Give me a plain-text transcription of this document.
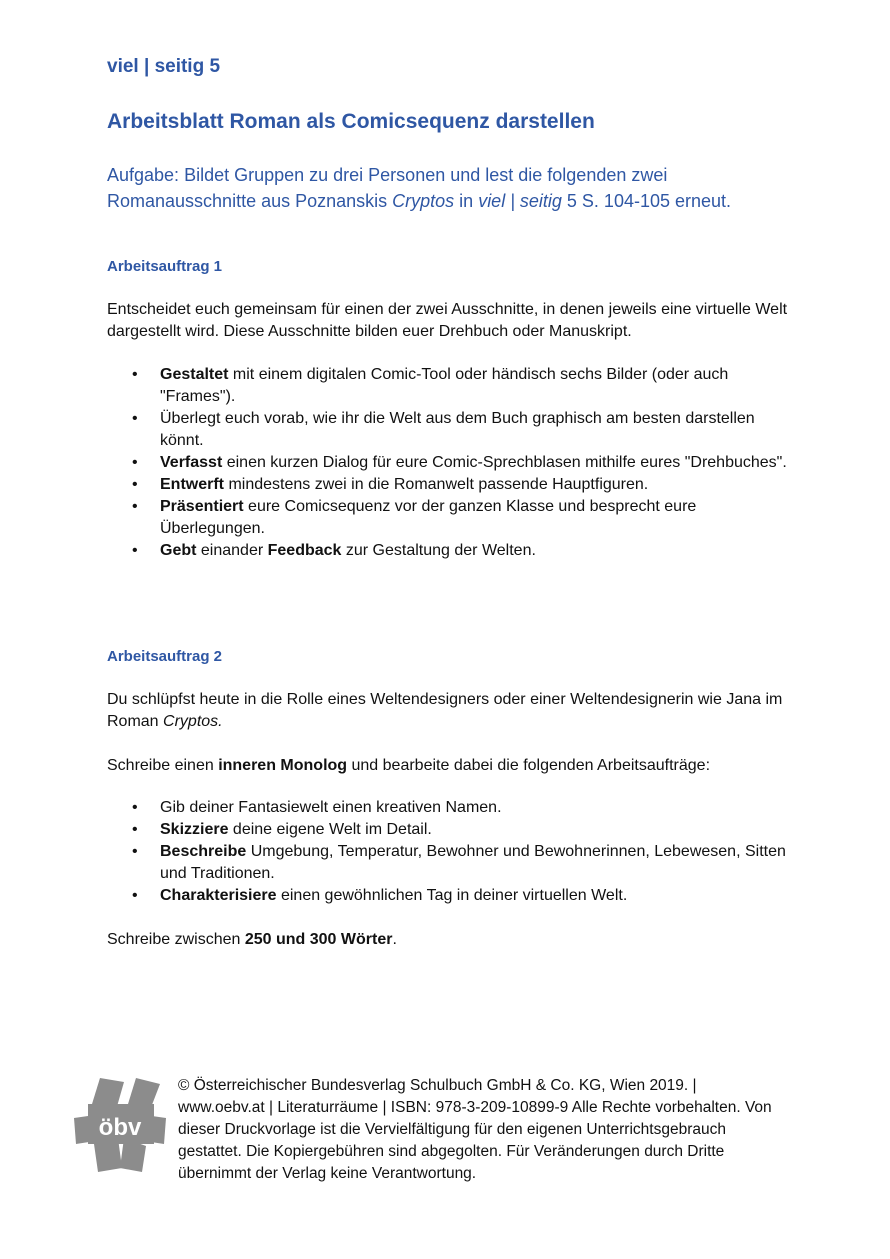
viel | seitig 5
Arbeitsblatt Roman als Comicsequenz darstellen
Aufgabe: Bildet Gruppen zu drei Personen und lest die folgenden zwei Romanausschnitte aus Poznanskis Cryptos in viel | seitig 5 S. 104-105 erneut.
Arbeitsauftrag 1
Entscheidet euch gemeinsam für einen der zwei Ausschnitte, in denen jeweils eine virtuelle Welt dargestellt wird. Diese Ausschnitte bilden euer Drehbuch oder Manuskript.
• Gestaltet mit einem digitalen Comic-Tool oder händisch sechs Bilder (oder auch "Frames").
• Überlegt euch vorab, wie ihr die Welt aus dem Buch graphisch am besten darstellen könnt.
• Verfasst einen kurzen Dialog für eure Comic-Sprechblasen mithilfe eures "Drehbuches".
• Entwerft mindestens zwei in die Romanwelt passende Hauptfiguren.
• Präsentiert eure Comicsequenz vor der ganzen Klasse und besprecht eure Überlegungen.
• Gebt einander Feedback zur Gestaltung der Welten.
Arbeitsauftrag 2
Du schlüpfst heute in die Rolle eines Weltendesigners oder einer Weltendesignerin wie Jana im Roman Cryptos.
Schreibe einen inneren Monolog und bearbeite dabei die folgenden Arbeitsaufträge:
• Gib deiner Fantasiewelt einen kreativen Namen.
• Skizziere deine eigene Welt im Detail.
• Beschreibe Umgebung, Temperatur, Bewohner und Bewohnerinnen, Lebewesen, Sitten und Traditionen.
• Charakterisiere einen gewöhnlichen Tag in deiner virtuellen Welt.
Schreibe zwischen 250 und 300 Wörter.
öbv
© Österreichischer Bundesverlag Schulbuch GmbH & Co. KG, Wien 2019. | www.oebv.at | Literaturräume | ISBN: 978-3-209-10899-9 Alle Rechte vorbehalten. Von dieser Druckvorlage ist die Vervielfältigung für den eigenen Unterrichtsgebrauch gestattet. Die Kopiergebühren sind abgegolten. Für Veränderungen durch Dritte übernimmt der Verlag keine Verantwortung.
